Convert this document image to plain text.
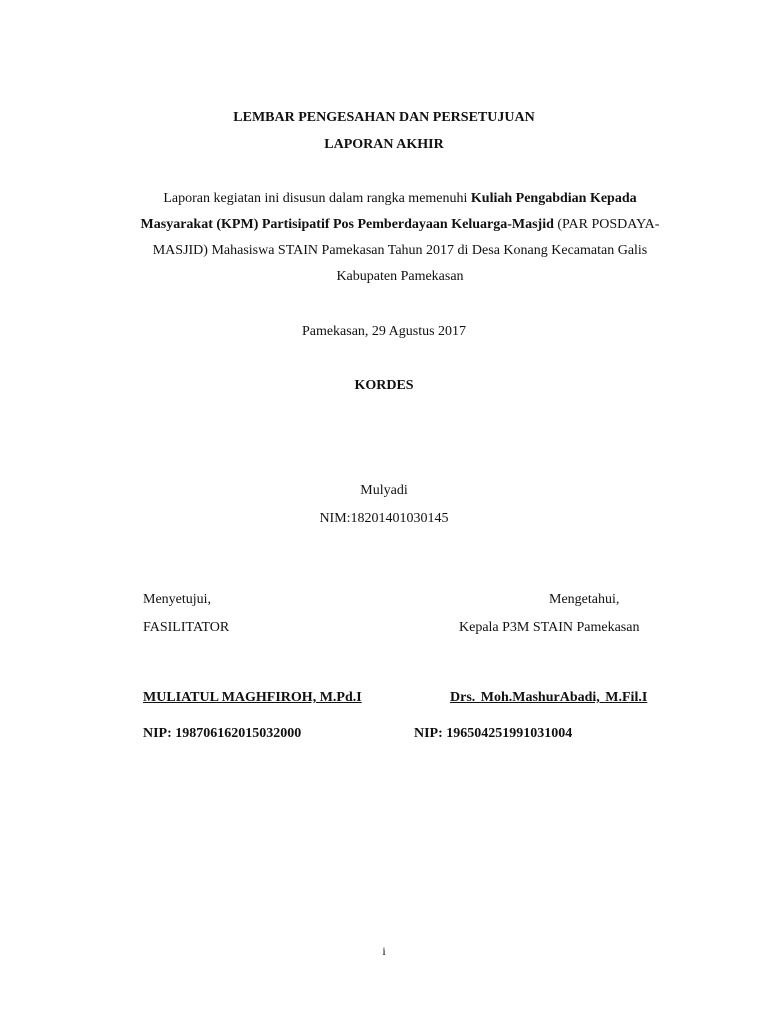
LEMBAR PENGESAHAN DAN PERSETUJUAN
LAPORAN AKHIR
Laporan kegiatan ini disusun dalam rangka memenuhi Kuliah Pengabdian Kepada Masyarakat (KPM) Partisipatif Pos Pemberdayaan Keluarga-Masjid (PAR POSDAYA- MASJID) Mahasiswa STAIN Pamekasan Tahun 2017 di Desa Konang Kecamatan Galis Kabupaten Pamekasan
Pamekasan, 29 Agustus 2017
KORDES
Mulyadi
NIM:18201401030145
Menyetujui,	Mengetahui,
FASILITATOR	Kepala P3M STAIN Pamekasan
MULIATUL MAGHFIROH, M.Pd.I	Drs. Moh.MashurAbadi, M.Fil.I
NIP: 198706162015032000	NIP: 196504251991031004
i
